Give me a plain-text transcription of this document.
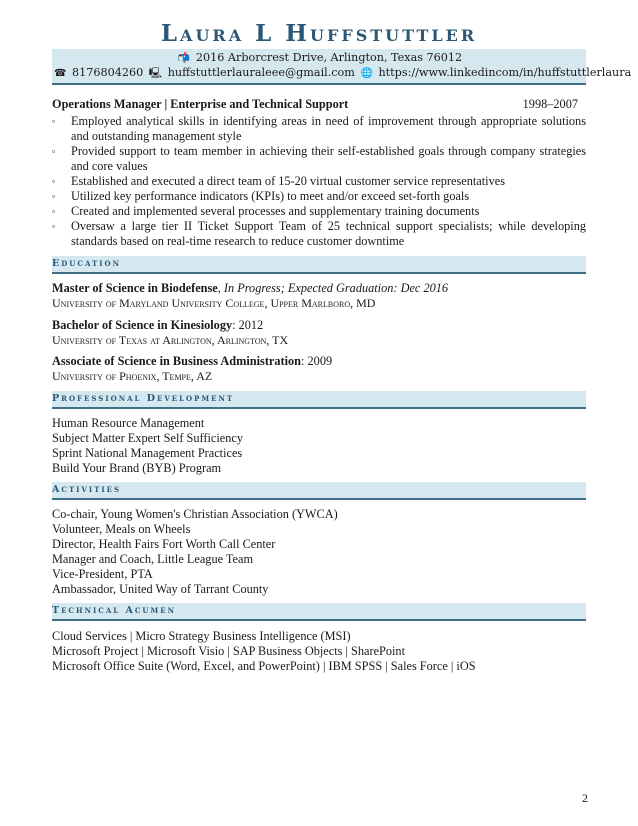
Laura L Huffstuttler
📬 2016 Arborcrest Drive, Arlington, Texas 76012
☎ 8176804260 🖳 huffstuttlerlauraleee@gmail.com 🌐 https://www.linkedincom/in/huffstuttlerlaura
Operations Manager | Enterprise and Technical Support	1998–2007
▫ Employed analytical skills in identifying areas in need of improvement through appropriate solutions and outstanding management style
▫ Provided support to team member in achieving their self-established goals through company strategies and core values
▫ Established and executed a direct team of 15-20 virtual customer service representatives
▫ Utilized key performance indicators (KPIs) to meet and/or exceed set-forth goals
▫ Created and implemented several processes and supplementary training documents
▫ Oversaw a large tier II Ticket Support Team of 25 technical support specialists; while developing standards based on real-time research to reduce customer downtime
Education
Master of Science in Biodefense, In Progress; Expected Graduation: Dec 2016
University of Maryland University College, Upper Marlboro, MD
Bachelor of Science in Kinesiology: 2012
University of Texas at Arlington, Arlington, TX
Associate of Science in Business Administration: 2009
University of Phoenix, Tempe, AZ
Professional Development
Human Resource Management
Subject Matter Expert Self Sufficiency
Sprint National Management Practices
Build Your Brand (BYB) Program
Activities
Co-chair, Young Women's Christian Association (YWCA)
Volunteer, Meals on Wheels
Director, Health Fairs Fort Worth Call Center
Manager and Coach, Little League Team
Vice-President, PTA
Ambassador, United Way of Tarrant County
Technical Acumen
Cloud Services | Micro Strategy Business Intelligence (MSI)
Microsoft Project | Microsoft Visio | SAP Business Objects | SharePoint
Microsoft Office Suite (Word, Excel, and PowerPoint) | IBM SPSS | Sales Force | iOS
2
